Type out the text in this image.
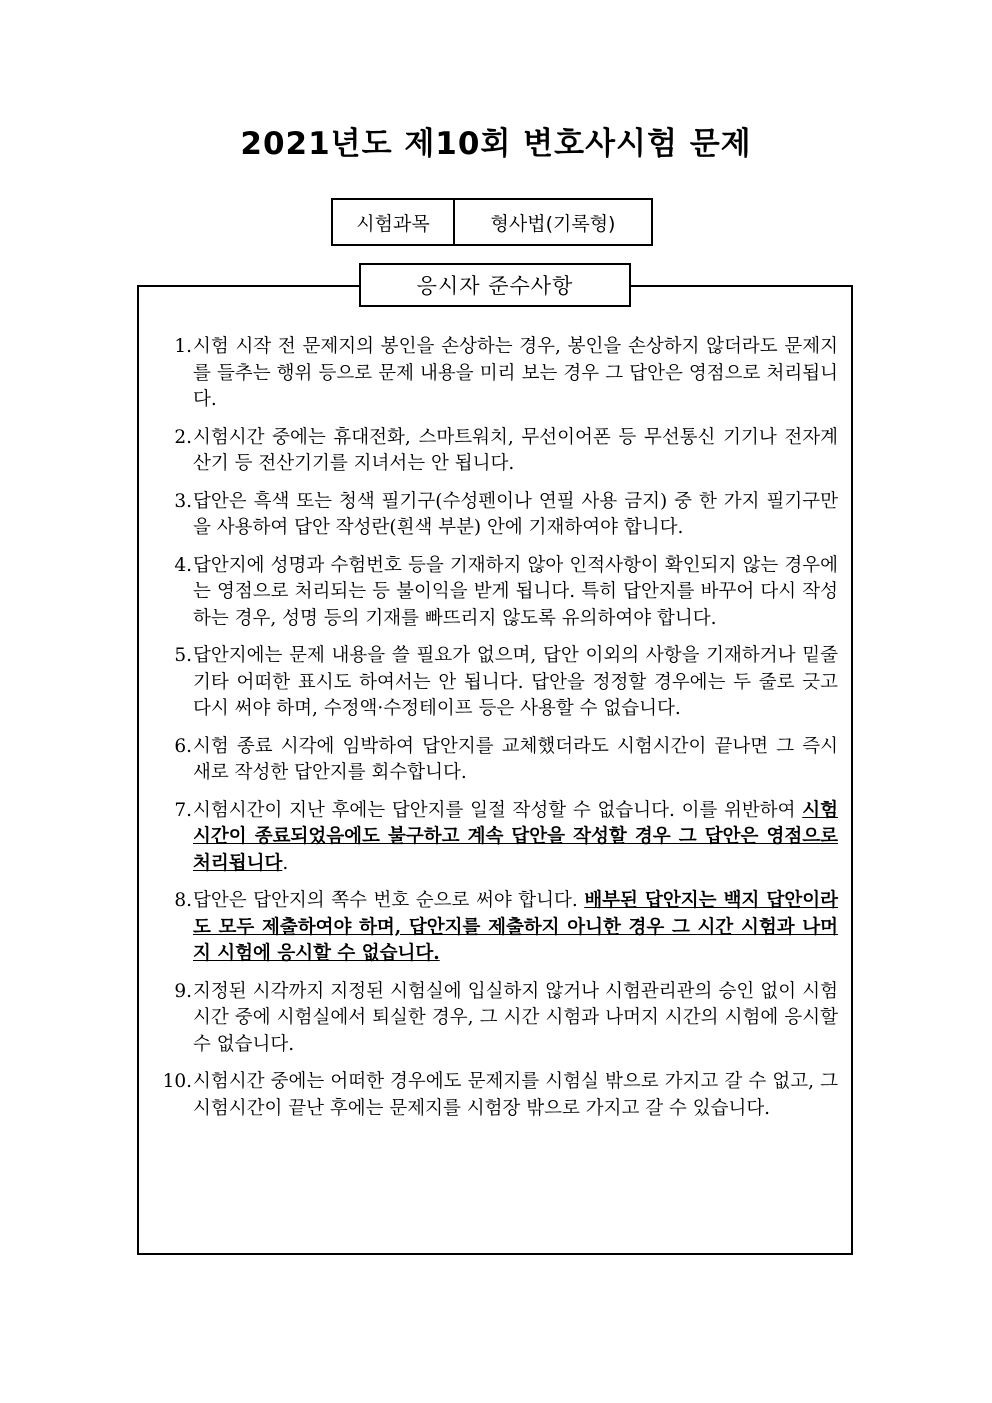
2021년도 제10회 변호사시험 문제
시험과목	형사법(기록형)
응시자 준수사항
1. 시험 시작 전 문제지의 봉인을 손상하는 경우, 봉인을 손상하지 않더라도 문제지를 들추는 행위 등으로 문제 내용을 미리 보는 경우 그 답안은 영점으로 처리됩니다.
2. 시험시간 중에는 휴대전화, 스마트워치, 무선이어폰 등 무선통신 기기나 전자계산기 등 전산기기를 지녀서는 안 됩니다.
3. 답안은 흑색 또는 청색 필기구(수성펜이나 연필 사용 금지) 중 한 가지 필기구만을 사용하여 답안 작성란(흰색 부분) 안에 기재하여야 합니다.
4. 답안지에 성명과 수험번호 등을 기재하지 않아 인적사항이 확인되지 않는 경우에는 영점으로 처리되는 등 불이익을 받게 됩니다. 특히 답안지를 바꾸어 다시 작성하는 경우, 성명 등의 기재를 빠뜨리지 않도록 유의하여야 합니다.
5. 답안지에는 문제 내용을 쓸 필요가 없으며, 답안 이외의 사항을 기재하거나 밑줄 기타 어떠한 표시도 하여서는 안 됩니다. 답안을 정정할 경우에는 두 줄로 긋고 다시 써야 하며, 수정액·수정테이프 등은 사용할 수 없습니다.
6. 시험 종료 시각에 임박하여 답안지를 교체했더라도 시험시간이 끝나면 그 즉시 새로 작성한 답안지를 회수합니다.
7. 시험시간이 지난 후에는 답안지를 일절 작성할 수 없습니다. 이를 위반하여 시험시간이 종료되었음에도 불구하고 계속 답안을 작성할 경우 그 답안은 영점으로 처리됩니다.
8. 답안은 답안지의 쪽수 번호 순으로 써야 합니다. 배부된 답안지는 백지 답안이라도 모두 제출하여야 하며, 답안지를 제출하지 아니한 경우 그 시간 시험과 나머지 시험에 응시할 수 없습니다.
9. 지정된 시각까지 지정된 시험실에 입실하지 않거나 시험관리관의 승인 없이 시험시간 중에 시험실에서 퇴실한 경우, 그 시간 시험과 나머지 시간의 시험에 응시할 수 없습니다.
10. 시험시간 중에는 어떠한 경우에도 문제지를 시험실 밖으로 가지고 갈 수 없고, 그 시험시간이 끝난 후에는 문제지를 시험장 밖으로 가지고 갈 수 있습니다.
